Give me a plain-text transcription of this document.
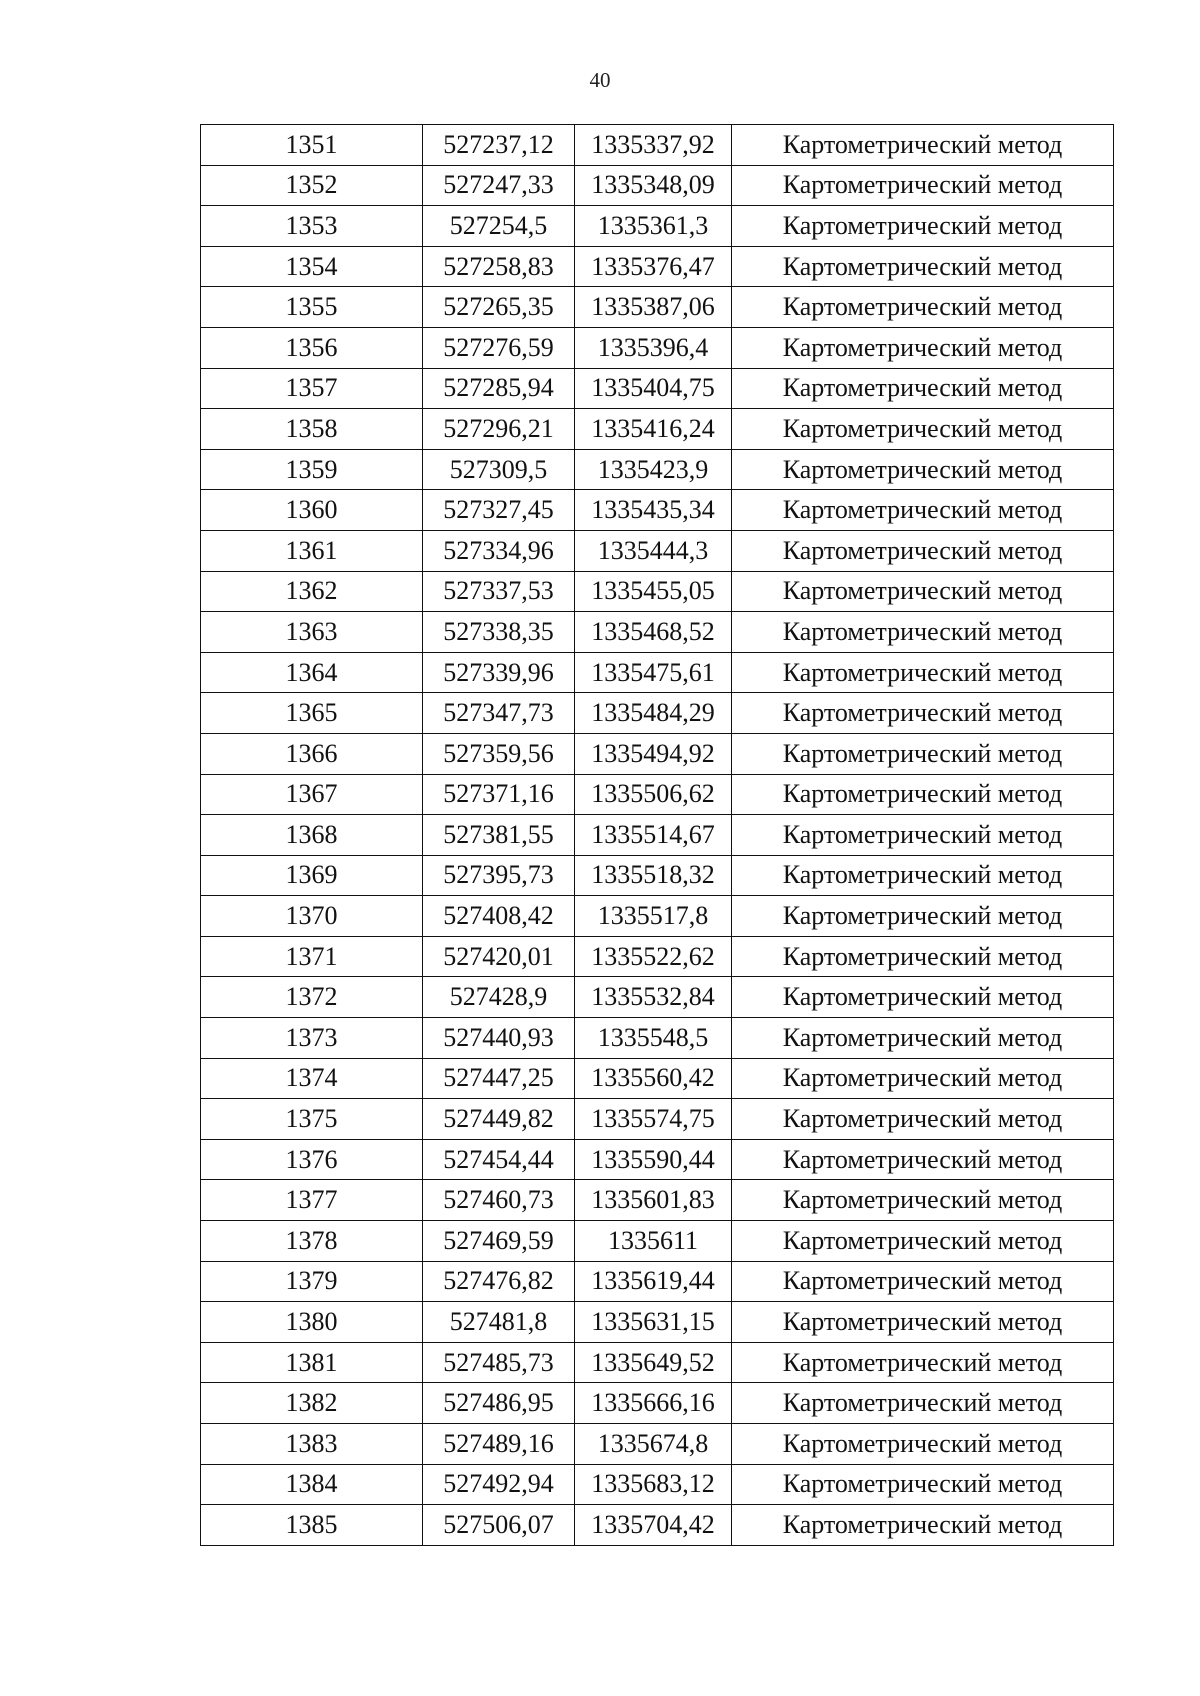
40
1351	527237,12	1335337,92	Картометрический метод
1352	527247,33	1335348,09	Картометрический метод
1353	527254,5	1335361,3	Картометрический метод
1354	527258,83	1335376,47	Картометрический метод
1355	527265,35	1335387,06	Картометрический метод
1356	527276,59	1335396,4	Картометрический метод
1357	527285,94	1335404,75	Картометрический метод
1358	527296,21	1335416,24	Картометрический метод
1359	527309,5	1335423,9	Картометрический метод
1360	527327,45	1335435,34	Картометрический метод
1361	527334,96	1335444,3	Картометрический метод
1362	527337,53	1335455,05	Картометрический метод
1363	527338,35	1335468,52	Картометрический метод
1364	527339,96	1335475,61	Картометрический метод
1365	527347,73	1335484,29	Картометрический метод
1366	527359,56	1335494,92	Картометрический метод
1367	527371,16	1335506,62	Картометрический метод
1368	527381,55	1335514,67	Картометрический метод
1369	527395,73	1335518,32	Картометрический метод
1370	527408,42	1335517,8	Картометрический метод
1371	527420,01	1335522,62	Картометрический метод
1372	527428,9	1335532,84	Картометрический метод
1373	527440,93	1335548,5	Картометрический метод
1374	527447,25	1335560,42	Картометрический метод
1375	527449,82	1335574,75	Картометрический метод
1376	527454,44	1335590,44	Картометрический метод
1377	527460,73	1335601,83	Картометрический метод
1378	527469,59	1335611	Картометрический метод
1379	527476,82	1335619,44	Картометрический метод
1380	527481,8	1335631,15	Картометрический метод
1381	527485,73	1335649,52	Картометрический метод
1382	527486,95	1335666,16	Картометрический метод
1383	527489,16	1335674,8	Картометрический метод
1384	527492,94	1335683,12	Картометрический метод
1385	527506,07	1335704,42	Картометрический метод
